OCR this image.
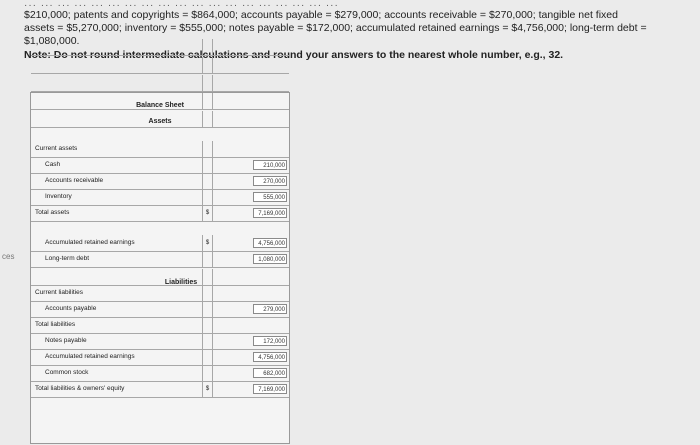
··· ··· ··· ··· ··· ··· ··· ··· ··· ··· ··· ··· ··· ··· ··· ··· ··· ··· ···
$210,000; patents and copyrights = $864,000; accounts payable = $279,000; accounts receivable = $270,000; tangible net fixed
assets = $5,270,000; inventory = $555,000; notes payable = $172,000; accumulated retained earnings = $4,756,000; long-term debt =
$1,080,000.
Note: Do not round intermediate calculations and round your answers to the nearest whole number, e.g., 32.
ces
Balance Sheet
Assets
Liabilities
Current assets
Cash	210,000
Accounts receivable	270,000
Inventory	555,000
Total assets	$	7,169,000
Accumulated retained earnings	$	4,756,000
Long-term debt	1,080,000
Current liabilities
Accounts payable	279,000
Total liabilities
Notes payable	172,000
Accumulated retained earnings	4,756,000
Common stock	682,000
Total liabilities & owners' equity	$	7,169,000
